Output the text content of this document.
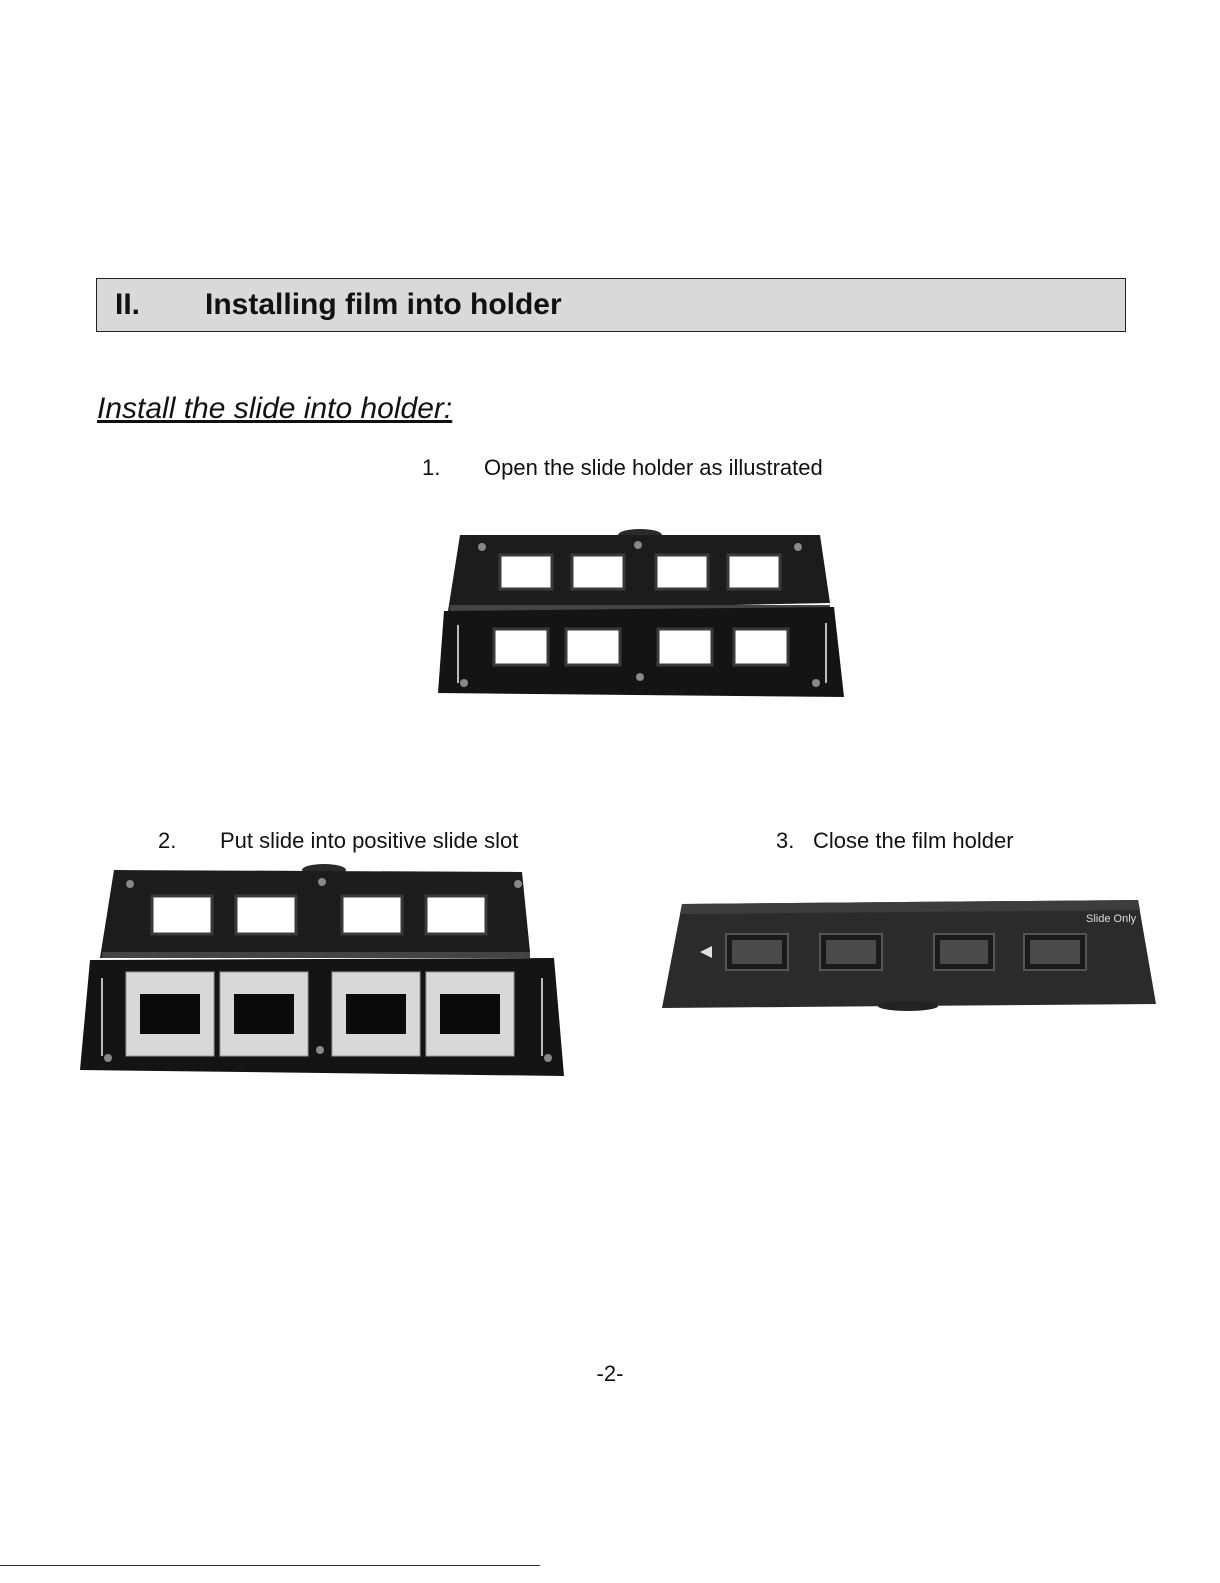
II.	Installing film into holder
Install the slide into holder:
1.	Open the slide holder as illustrated
2.	Put slide into positive slide slot	3. Close the film holder
Slide Only
-2-
